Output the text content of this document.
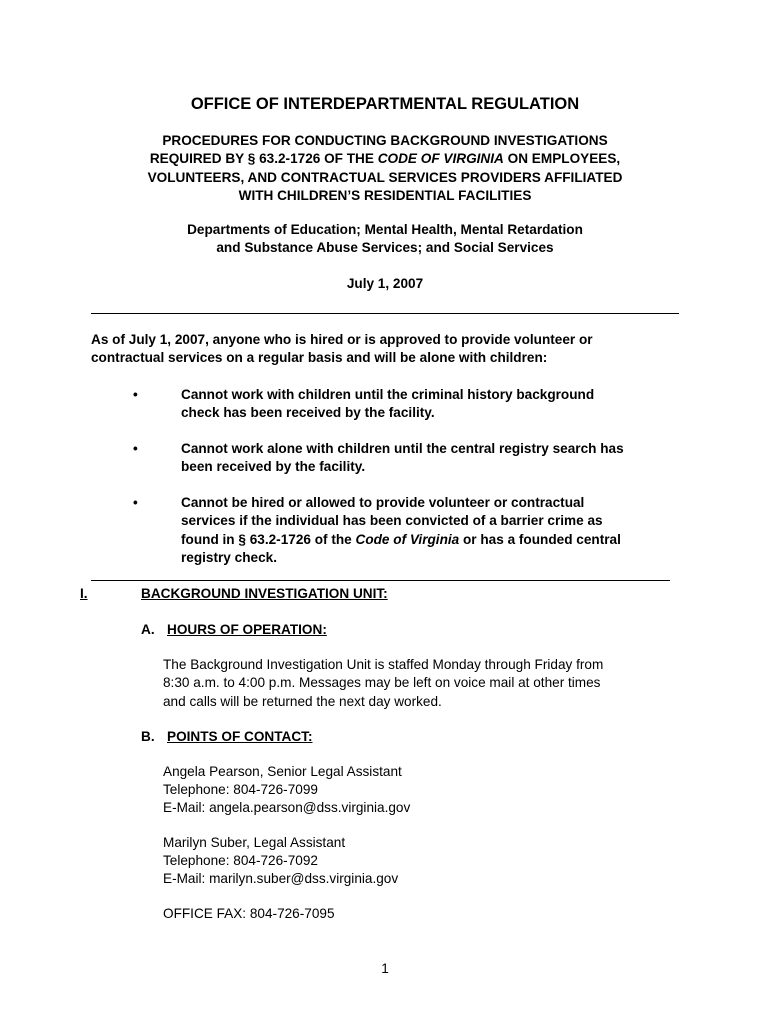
OFFICE OF INTERDEPARTMENTAL REGULATION
PROCEDURES FOR CONDUCTING BACKGROUND INVESTIGATIONS
REQUIRED BY § 63.2-1726 OF THE CODE OF VIRGINIA ON EMPLOYEES,
VOLUNTEERS, AND CONTRACTUAL SERVICES PROVIDERS AFFILIATED
WITH CHILDREN’S RESIDENTIAL FACILITIES
Departments of Education; Mental Health, Mental Retardation
and Substance Abuse Services; and Social Services
July 1, 2007
As of July 1, 2007, anyone who is hired or is approved to provide volunteer or
contractual services on a regular basis and will be alone with children:
•	Cannot work with children until the criminal history background
check has been received by the facility.
•	Cannot work alone with children until the central registry search has
been received by the facility.
•	Cannot be hired or allowed to provide volunteer or contractual
services if the individual has been convicted of a barrier crime as
found in § 63.2-1726 of the Code of Virginia or has a founded central
registry check.
I.	BACKGROUND INVESTIGATION UNIT:
A. HOURS OF OPERATION:
The Background Investigation Unit is staffed Monday through Friday from
8:30 a.m. to 4:00 p.m. Messages may be left on voice mail at other times
and calls will be returned the next day worked.
B. POINTS OF CONTACT:
Angela Pearson, Senior Legal Assistant
Telephone: 804-726-7099
E-Mail: angela.pearson@dss.virginia.gov
Marilyn Suber, Legal Assistant
Telephone: 804-726-7092
E-Mail: marilyn.suber@dss.virginia.gov
OFFICE FAX: 804-726-7095
1
